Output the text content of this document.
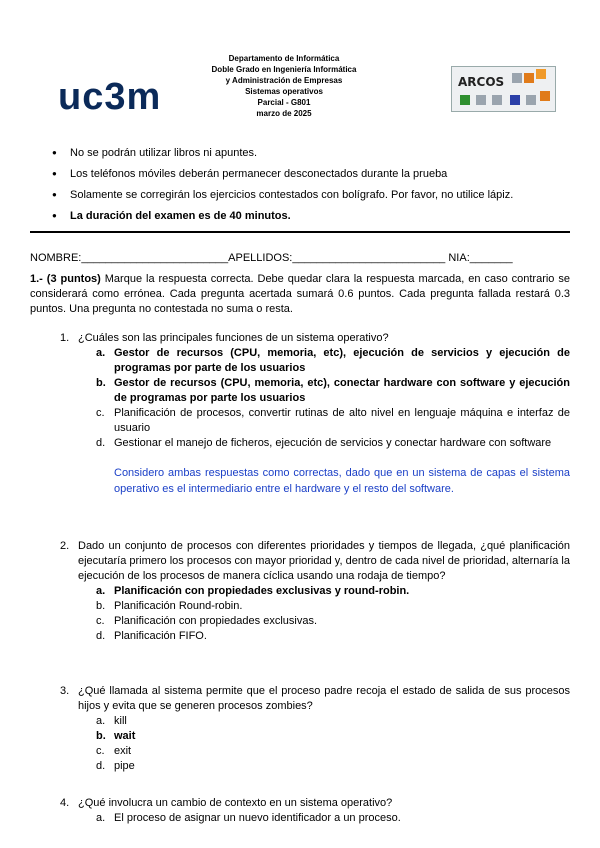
uc3m
Departamento de Informática
Doble Grado en Ingeniería Informática
y Administración de Empresas
Sistemas operativos
Parcial - G801
marzo de 2025
ARCOS
● No se podrán utilizar libros ni apuntes.
● Los teléfonos móviles deberán permanecer desconectados durante la prueba
● Solamente se corregirán los ejercicios contestados con bolígrafo. Por favor, no utilice lápiz.
● La duración del examen es de 40 minutos.
NOMBRE:________________________APELLIDOS:_________________________ NIA:_______
1.- (3 puntos) Marque la respuesta correcta. Debe quedar clara la respuesta marcada, en caso contrario se considerará como errónea. Cada pregunta acertada sumará 0.6 puntos. Cada pregunta fallada restará 0.3 puntos. Una pregunta no contestada no suma o resta.
1. ¿Cuáles son las principales funciones de un sistema operativo?
a. Gestor de recursos (CPU, memoria, etc), ejecución de servicios y ejecución de programas por parte de los usuarios
b. Gestor de recursos (CPU, memoria, etc), conectar hardware con software y ejecución de programas por parte los usuarios
c. Planificación de procesos, convertir rutinas de alto nivel en lenguaje máquina e interfaz de usuario
d. Gestionar el manejo de ficheros, ejecución de servicios y conectar hardware con software
Considero ambas respuestas como correctas, dado que en un sistema de capas el sistema operativo es el intermediario entre el hardware y el resto del software.
2. Dado un conjunto de procesos con diferentes prioridades y tiempos de llegada, ¿qué planificación ejecutaría primero los procesos con mayor prioridad y, dentro de cada nivel de prioridad, alternaría la ejecución de los procesos de manera cíclica usando una rodaja de tiempo?
a. Planificación con propiedades exclusivas y round-robin.
b. Planificación Round-robin.
c. Planificación con propiedades exclusivas.
d. Planificación FIFO.
3. ¿Qué llamada al sistema permite que el proceso padre recoja el estado de salida de sus procesos hijos y evita que se generen procesos zombies?
a. kill
b. wait
c. exit
d. pipe
4. ¿Qué involucra un cambio de contexto en un sistema operativo?
a. El proceso de asignar un nuevo identificador a un proceso.
